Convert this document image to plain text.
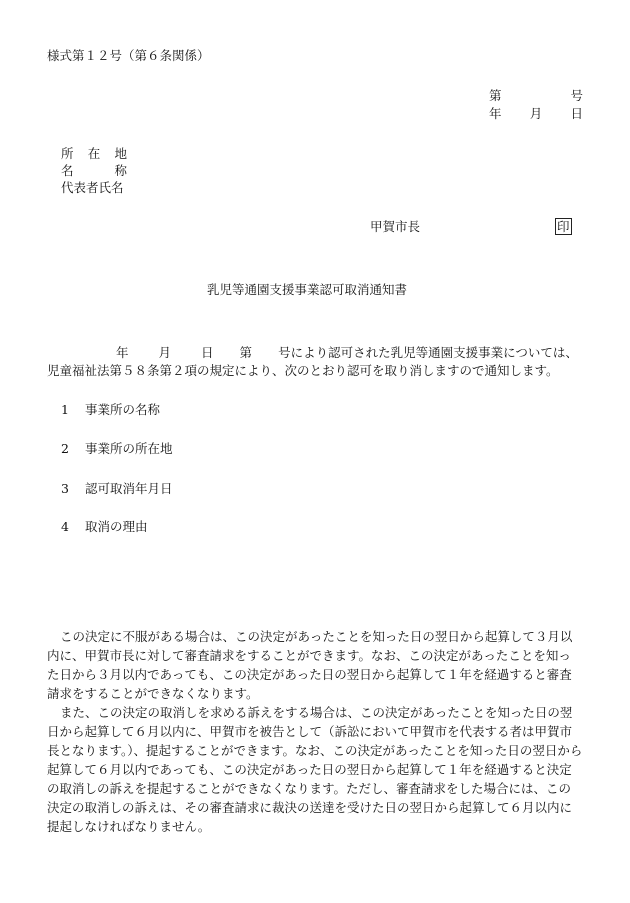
様式第１２号（第６条関係）
第	号
年 月 日
所 在 地
名	称
代表者氏名
甲賀市長	印
乳児等通園支援事業認可取消通知書
年 月 日 第 号により認可された乳児等通園支援事業については、
児童福祉法第５８条第２項の規定により、次のとおり認可を取り消しますので通知します。
1 事業所の名称
2 事業所の所在地
3 認可取消年月日
4 取消の理由
この決定に不服がある場合は、この決定があったことを知った日の翌日から起算して３月以内に、甲賀市長に対して審査請求をすることができます。なお、この決定があったことを知った日から３月以内であっても、この決定があった日の翌日から起算して１年を経過すると審査請求をすることができなくなります。
また、この決定の取消しを求める訴えをする場合は、この決定があったことを知った日の翌日から起算して６月以内に、甲賀市を被告として（訴訟において甲賀市を代表する者は甲賀市長となります。）、提起することができます。なお、この決定があったことを知った日の翌日から起算して６月以内であっても、この決定があった日の翌日から起算して１年を経過すると決定の取消しの訴えを提起することができなくなります。ただし、審査請求をした場合には、この決定の取消しの訴えは、その審査請求に裁決の送達を受けた日の翌日から起算して６月以内に提起しなければなりません。
